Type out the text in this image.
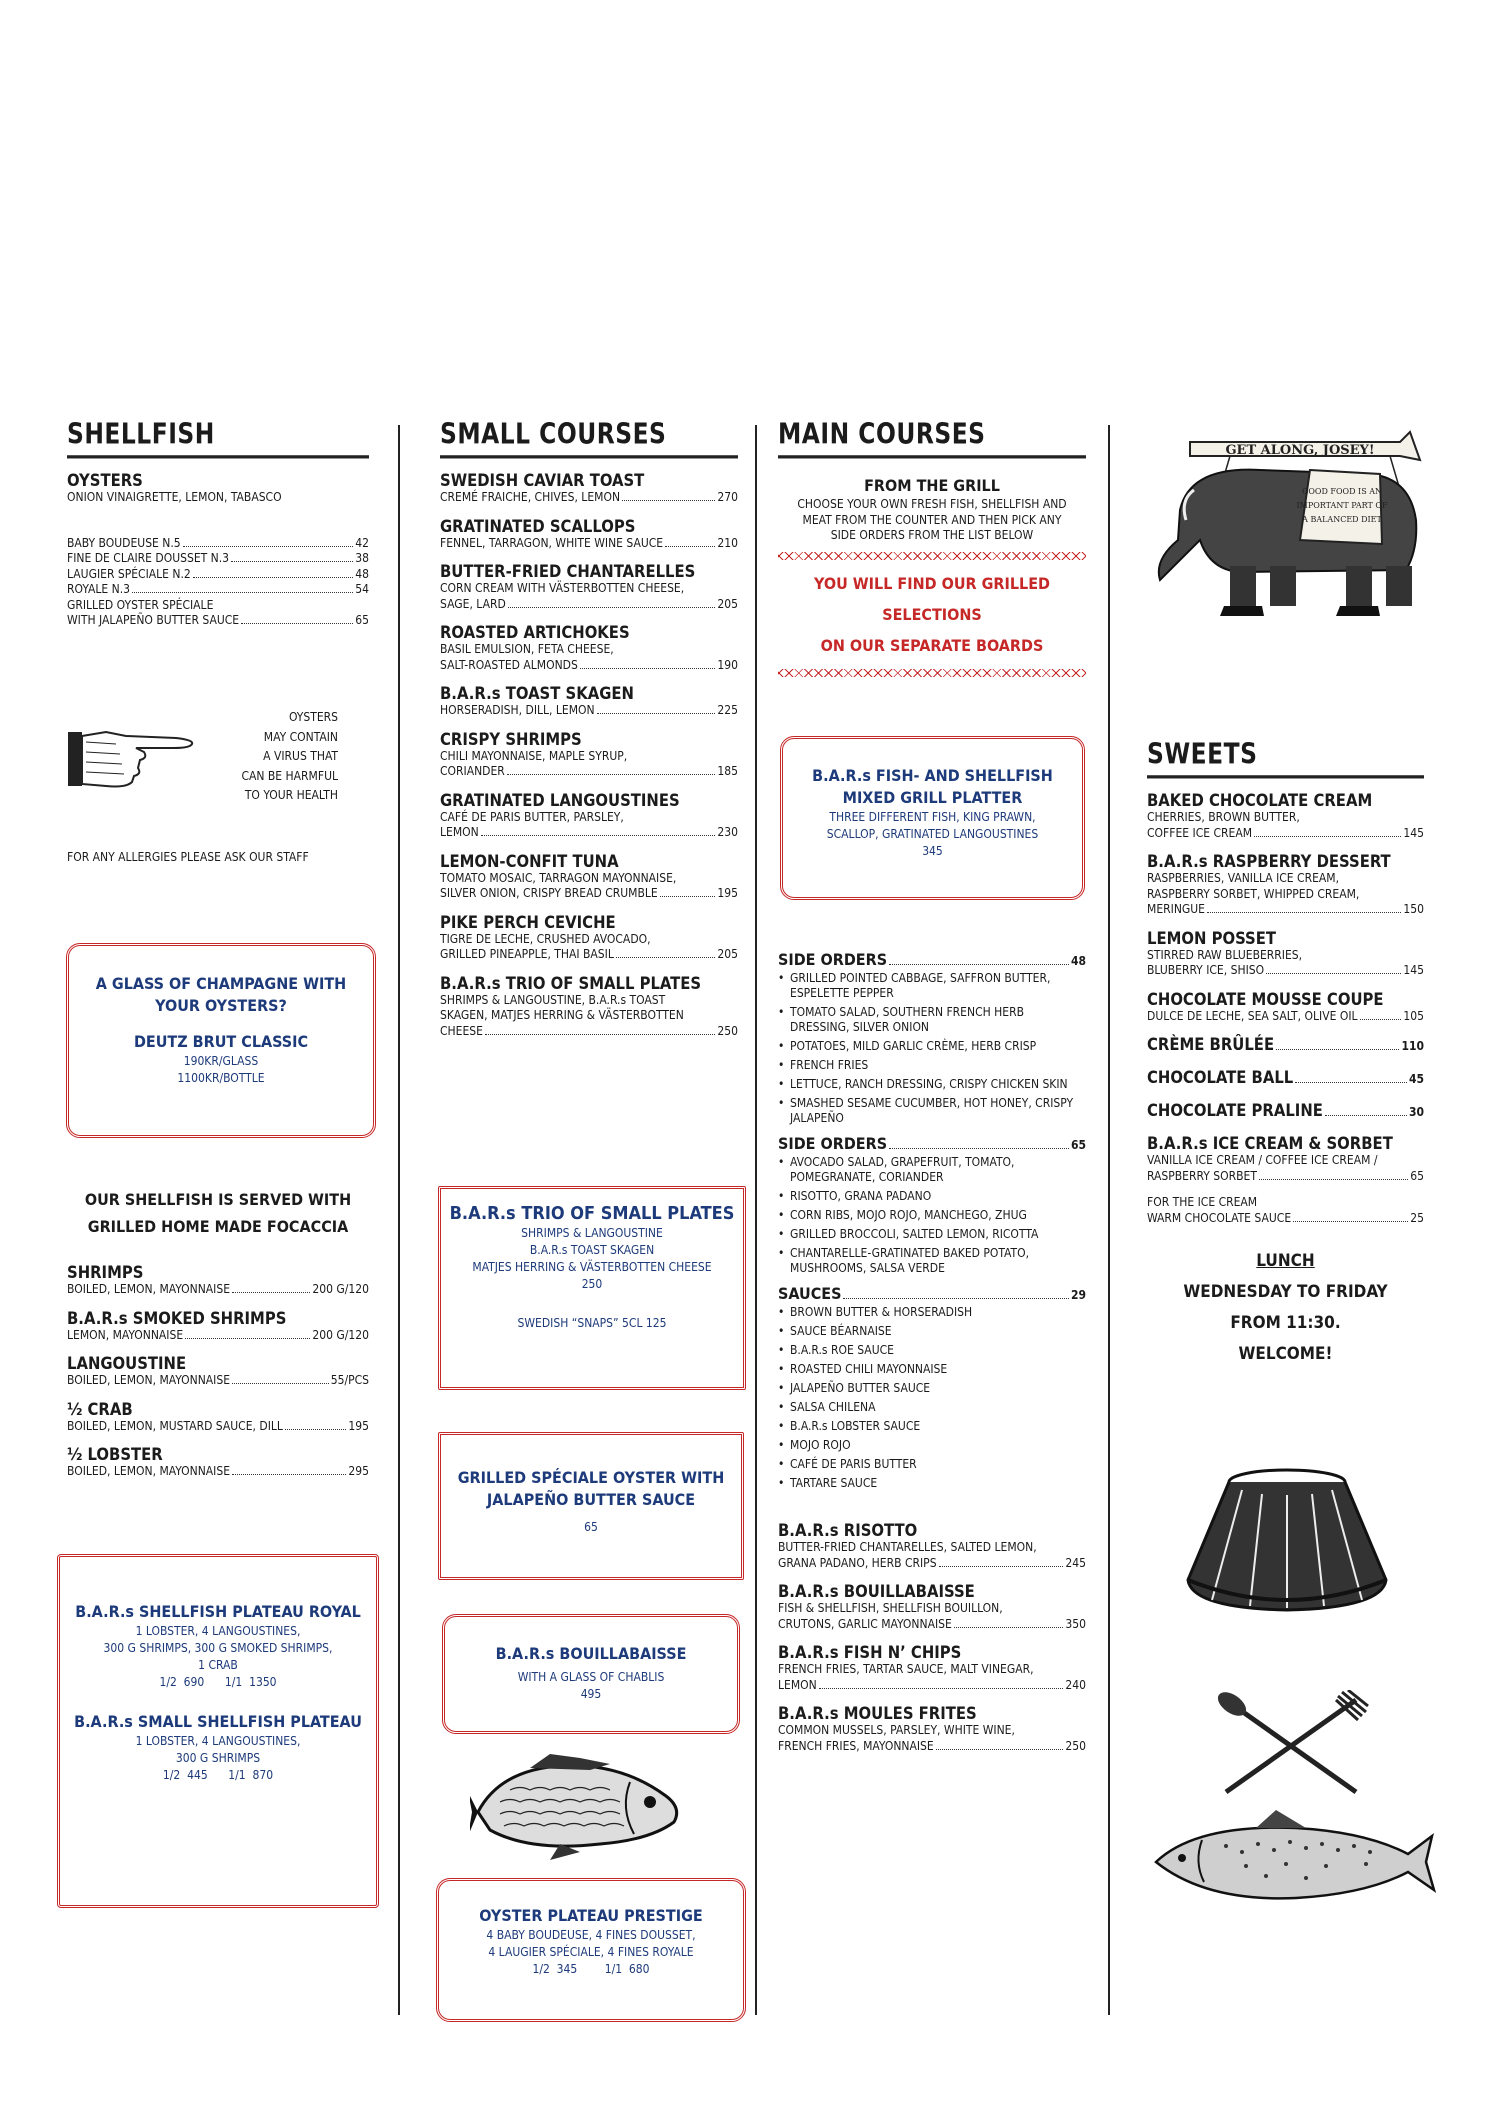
SHELLFISH
OYSTERS
ONION VINAIGRETTE, LEMON, TABASCO
BABY BOUDEUSE N.5	42
FINE DE CLAIRE DOUSSET N.3	38
LAUGIER SPÉCIALE N.2	48
ROYALE N.3	54
GRILLED OYSTER SPÉCIALE
WITH JALAPEÑO BUTTER SAUCE	65
OYSTERS
MAY CONTAIN
A VIRUS THAT
CAN BE HARMFUL
TO YOUR HEALTH
FOR ANY ALLERGIES PLEASE ASK OUR STAFF
A GLASS OF CHAMPAGNE WITH
YOUR OYSTERS?
DEUTZ BRUT CLASSIC
190KR/GLASS
1100KR/BOTTLE
OUR SHELLFISH IS SERVED WITH
GRILLED HOME MADE FOCACCIA
SHRIMPS
BOILED, LEMON, MAYONNAISE	200 G/120
B.A.R.s SMOKED SHRIMPS
LEMON, MAYONNAISE	200 G/120
LANGOUSTINE
BOILED, LEMON, MAYONNAISE	55/PCS
½ CRAB
BOILED, LEMON, MUSTARD SAUCE, DILL	195
½ LOBSTER
BOILED, LEMON, MAYONNAISE	295
B.A.R.s SHELLFISH PLATEAU ROYAL
1 LOBSTER, 4 LANGOUSTINES,
300 G SHRIMPS, 300 G SMOKED SHRIMPS,
1 CRAB
1/2  690      1/1  1350
B.A.R.s SMALL SHELLFISH PLATEAU
1 LOBSTER, 4 LANGOUSTINES,
300 G SHRIMPS
1/2  445      1/1  870
SMALL COURSES
SWEDISH CAVIAR TOAST
CREMÉ FRAICHE, CHIVES, LEMON	270
GRATINATED SCALLOPS
FENNEL, TARRAGON, WHITE WINE SAUCE	210
BUTTER-FRIED CHANTARELLES
CORN CREAM WITH VÄSTERBOTTEN CHEESE,
SAGE, LARD	205
ROASTED ARTICHOKES
BASIL EMULSION, FETA CHEESE,
SALT-ROASTED ALMONDS	190
B.A.R.s TOAST SKAGEN
HORSERADISH, DILL, LEMON	225
CRISPY SHRIMPS
CHILI MAYONNAISE, MAPLE SYRUP,
CORIANDER	185
GRATINATED LANGOUSTINES
CAFÉ DE PARIS BUTTER, PARSLEY,
LEMON	230
LEMON-CONFIT TUNA
TOMATO MOSAIC, TARRAGON MAYONNAISE,
SILVER ONION, CRISPY BREAD CRUMBLE	195
PIKE PERCH CEVICHE
TIGRE DE LECHE, CRUSHED AVOCADO,
GRILLED PINEAPPLE, THAI BASIL	205
B.A.R.s TRIO OF SMALL PLATES
SHRIMPS & LANGOUSTINE, B.A.R.s TOAST
SKAGEN, MATJES HERRING & VÄSTERBOTTEN
CHEESE	250
B.A.R.s TRIO OF SMALL PLATES
SHRIMPS & LANGOUSTINE
B.A.R.s TOAST SKAGEN
MATJES HERRING & VÄSTERBOTTEN CHEESE
250
SWEDISH “SNAPS” 5CL 125
GRILLED SPÉCIALE OYSTER WITH
JALAPEÑO BUTTER SAUCE
65
B.A.R.s BOUILLABAISSE
WITH A GLASS OF CHABLIS
495
OYSTER PLATEAU PRESTIGE
4 BABY BOUDEUSE, 4 FINES DOUSSET,
4 LAUGIER SPÉCIALE, 4 FINES ROYALE
1/2  345        1/1  680
MAIN COURSES
FROM THE GRILL
CHOOSE YOUR OWN FRESH FISH, SHELLFISH AND
MEAT FROM THE COUNTER AND THEN PICK ANY
SIDE ORDERS FROM THE LIST BELOW
YOU WILL FIND OUR GRILLED SELECTIONS
ON OUR SEPARATE BOARDS
B.A.R.s FISH- AND SHELLFISH
MIXED GRILL PLATTER
THREE DIFFERENT FISH, KING PRAWN,
SCALLOP, GRATINATED LANGOUSTINES
345
SIDE ORDERS	48
• GRILLED POINTED CABBAGE, SAFFRON BUTTER, ESPELETTE PEPPER
• TOMATO SALAD, SOUTHERN FRENCH HERB DRESSING, SILVER ONION
• POTATOES, MILD GARLIC CRÈME, HERB CRISP
• FRENCH FRIES
• LETTUCE, RANCH DRESSING, CRISPY CHICKEN SKIN
• SMASHED SESAME CUCUMBER, HOT HONEY, CRISPY JALAPEÑO
SIDE ORDERS	65
• AVOCADO SALAD, GRAPEFRUIT, TOMATO, POMEGRANATE, CORIANDER
• RISOTTO, GRANA PADANO
• CORN RIBS, MOJO ROJO, MANCHEGO, ZHUG
• GRILLED BROCCOLI, SALTED LEMON, RICOTTA
• CHANTARELLE-GRATINATED BAKED POTATO, MUSHROOMS, SALSA VERDE
SAUCES	29
• BROWN BUTTER & HORSERADISH
• SAUCE BÉARNAISE
• B.A.R.s ROE SAUCE
• ROASTED CHILI MAYONNAISE
• JALAPEÑO BUTTER SAUCE
• SALSA CHILENA
• B.A.R.s LOBSTER SAUCE
• MOJO ROJO
• CAFÉ DE PARIS BUTTER
• TARTARE SAUCE
B.A.R.s RISOTTO
BUTTER-FRIED CHANTARELLES, SALTED LEMON,
GRANA PADANO, HERB CRIPS	245
B.A.R.s BOUILLABAISSE
FISH & SHELLFISH, SHELLFISH BOUILLON,
CRUTONS, GARLIC MAYONNAISE	350
B.A.R.s FISH N’ CHIPS
FRENCH FRIES, TARTAR SAUCE, MALT VINEGAR,
LEMON	240
B.A.R.s MOULES FRITES
COMMON MUSSELS, PARSLEY, WHITE WINE,
FRENCH FRIES, MAYONNAISE	250
GET ALONG, JOSEY!
GOOD FOOD IS AN
IMPORTANT PART OF
A BALANCED DIET
SWEETS
BAKED CHOCOLATE CREAM
CHERRIES, BROWN BUTTER,
COFFEE ICE CREAM	145
B.A.R.s RASPBERRY DESSERT
RASPBERRIES, VANILLA ICE CREAM,
RASPBERRY SORBET, WHIPPED CREAM,
MERINGUE	150
LEMON POSSET
STIRRED RAW BLUEBERRIES,
BLUBERRY ICE, SHISO	145
CHOCOLATE MOUSSE COUPE
DULCE DE LECHE, SEA SALT, OLIVE OIL	105
CRÈME BRÛLÉE	110
CHOCOLATE BALL	45
CHOCOLATE PRALINE	30
B.A.R.s ICE CREAM & SORBET
VANILLA ICE CREAM / COFFEE ICE CREAM /
RASPBERRY SORBET	65
FOR THE ICE CREAM
WARM CHOCOLATE SAUCE	25
LUNCH
WEDNESDAY TO FRIDAY
FROM 11:30.
WELCOME!
